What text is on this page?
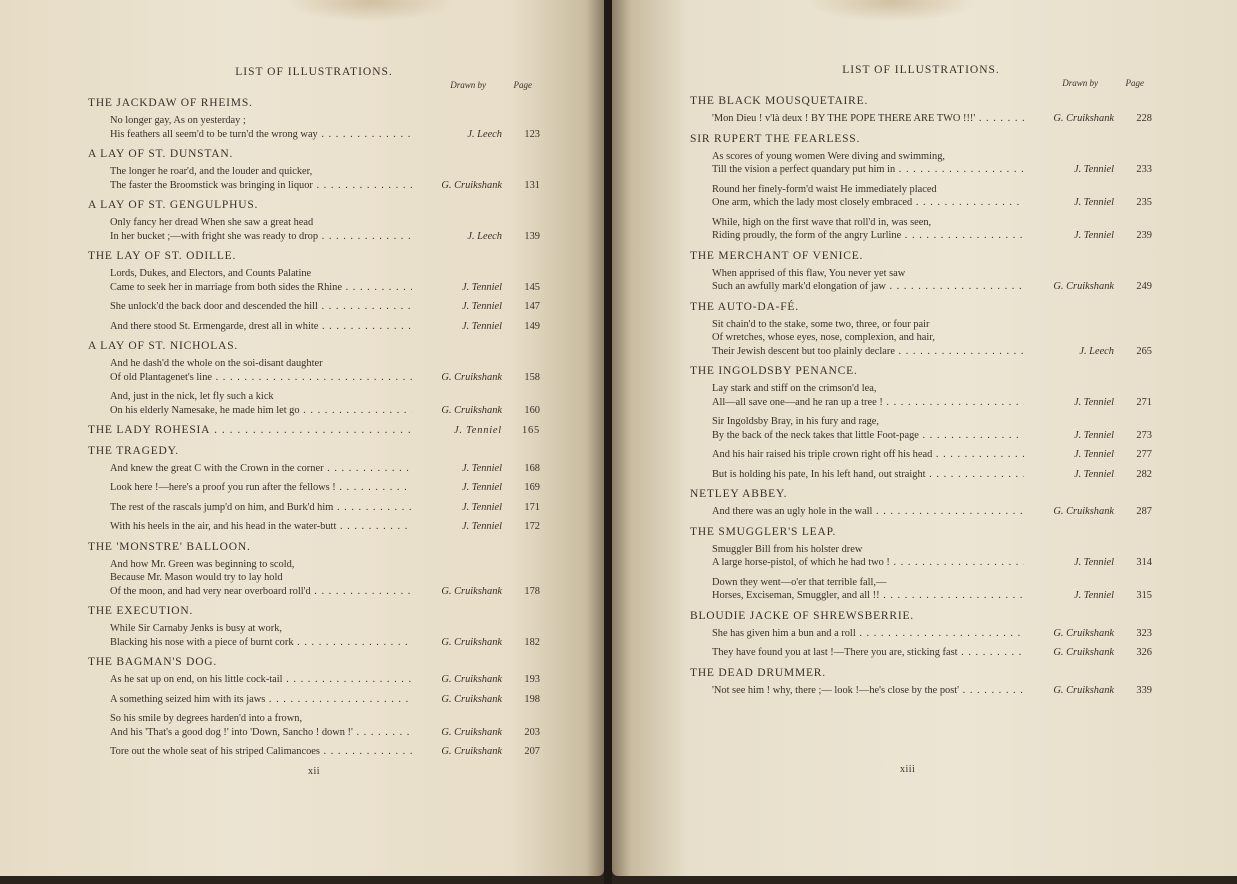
LIST OF ILLUSTRATIONS.
Drawn by	Page
THE JACKDAW OF RHEIMS.
No longer gay, As on yesterday ;
His feathers all seem'd to be turn'd the wrong way . . .	J. Leech	123
A LAY OF ST. DUNSTAN.
The longer he roar'd, and the louder and quicker,
The faster the Broomstick was bringing in liquor . . .	G. Cruikshank	131
A LAY OF ST. GENGULPHUS.
Only fancy her dread When she saw a great head
In her bucket ;—with fright she was ready to drop . . .	J. Leech	139
THE LAY OF ST. ODILLE.
Lords, Dukes, and Electors, and Counts Palatine
Came to seek her in marriage from both sides the Rhine . . .	J. Tenniel	145
She unlock'd the back door and descended the hill . . .	J. Tenniel	147
And there stood St. Ermengarde, drest all in white . . .	J. Tenniel	149
A LAY OF ST. NICHOLAS.
And he dash'd the whole on the soi-disant daughter
Of old Plantagenet's line . . .	G. Cruikshank	158
And, just in the nick, let fly such a kick
On his elderly Namesake, he made him let go . . .	G. Cruikshank	160
THE LADY ROHESIA . . .	J. Tenniel	165
THE TRAGEDY.
And knew the great C with the Crown in the corner . . .	J. Tenniel	168
Look here !—here's a proof you run after the fellows ! . . .	J. Tenniel	169
The rest of the rascals jump'd on him, and Burk'd him . . .	J. Tenniel	171
With his heels in the air, and his head in the water-butt . . .	J. Tenniel	172
THE 'MONSTRE' BALLOON.
And how Mr. Green was beginning to scold,
Because Mr. Mason would try to lay hold
Of the moon, and had very near overboard roll'd . . .	G. Cruikshank	178
THE EXECUTION.
While Sir Carnaby Jenks is busy at work,
Blacking his nose with a piece of burnt cork . . .	G. Cruikshank	182
THE BAGMAN'S DOG.
As he sat up on end, on his little cock-tail . . .	G. Cruikshank	193
A something seized him with its jaws . . .	G. Cruikshank	198
So his smile by degrees harden'd into a frown,
And his 'That's a good dog !' into 'Down, Sancho ! down !' . . .	G. Cruikshank	203
Tore out the whole seat of his striped Calimancoes . . .	G. Cruikshank	207
xii
LIST OF ILLUSTRATIONS.
Drawn by	Page
THE BLACK MOUSQUETAIRE.
'Mon Dieu ! v'là deux ! BY THE POPE THERE ARE TWO !!!' . . .	G. Cruikshank	228
SIR RUPERT THE FEARLESS.
As scores of young women Were diving and swimming,
Till the vision a perfect quandary put him in . . .	J. Tenniel	233
Round her finely-form'd waist He immediately placed
One arm, which the lady most closely embraced . . .	J. Tenniel	235
While, high on the first wave that roll'd in, was seen,
Riding proudly, the form of the angry Lurline . . .	J. Tenniel	239
THE MERCHANT OF VENICE.
When apprised of this flaw, You never yet saw
Such an awfully mark'd elongation of jaw . . .	G. Cruikshank	249
THE AUTO-DA-FÉ.
Sit chain'd to the stake, some two, three, or four pair
Of wretches, whose eyes, nose, complexion, and hair,
Their Jewish descent but too plainly declare . . .	J. Leech	265
THE INGOLDSBY PENANCE.
Lay stark and stiff on the crimson'd lea,
All—all save one—and he ran up a tree ! . . .	J. Tenniel	271
Sir Ingoldsby Bray, in his fury and rage,
By the back of the neck takes that little Foot-page . . .	J. Tenniel	273
And his hair raised his triple crown right off his head . . .	J. Tenniel	277
But is holding his pate, In his left hand, out straight . . .	J. Tenniel	282
NETLEY ABBEY.
And there was an ugly hole in the wall . . .	G. Cruikshank	287
THE SMUGGLER'S LEAP.
Smuggler Bill from his holster drew
A large horse-pistol, of which he had two ! . . .	J. Tenniel	314
Down they went—o'er that terrible fall,—
Horses, Exciseman, Smuggler, and all !! . . .	J. Tenniel	315
BLOUDIE JACKE OF SHREWSBERRIE.
She has given him a bun and a roll . . .	G. Cruikshank	323
They have found you at last !—There you are, sticking fast . . .	G. Cruikshank	326
THE DEAD DRUMMER.
'Not see him ! why, there ;— look !—he's close by the post' . . .	G. Cruikshank	339
xiii
